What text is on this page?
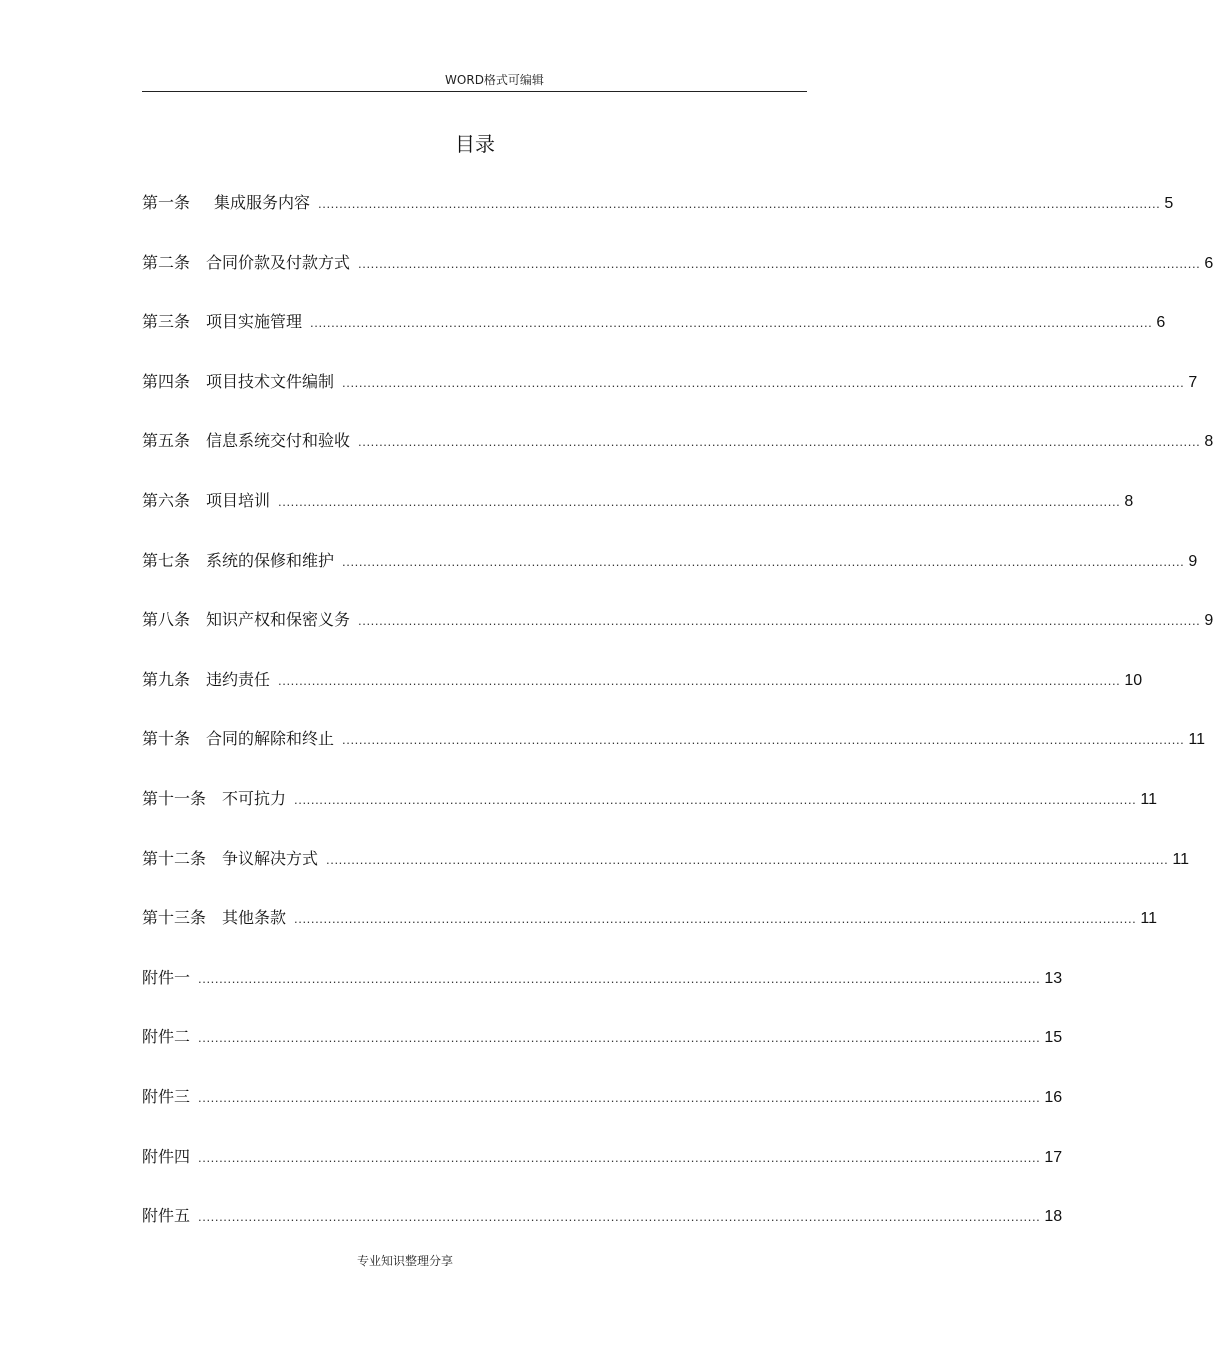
WORD格式可编辑
目录
第一条 集成服务内容 ........................................................................................................................................................................................................ 5
第二条 合同价款及付款方式 ........................................................................................................................................................................................................ 6
第三条 项目实施管理 ........................................................................................................................................................................................................ 6
第四条 项目技术文件编制 ........................................................................................................................................................................................................ 7
第五条 信息系统交付和验收 ........................................................................................................................................................................................................ 8
第六条 项目培训 ........................................................................................................................................................................................................ 8
第七条 系统的保修和维护 ........................................................................................................................................................................................................ 9
第八条 知识产权和保密义务 ........................................................................................................................................................................................................ 9
第九条 违约责任 ........................................................................................................................................................................................................ 10
第十条 合同的解除和终止 ........................................................................................................................................................................................................ 11
第十一条 不可抗力 ........................................................................................................................................................................................................ 11
第十二条 争议解决方式 ........................................................................................................................................................................................................ 11
第十三条 其他条款 ........................................................................................................................................................................................................ 11
附件一 ........................................................................................................................................................................................................ 13
附件二 ........................................................................................................................................................................................................ 15
附件三 ........................................................................................................................................................................................................ 16
附件四 ........................................................................................................................................................................................................ 17
附件五 ........................................................................................................................................................................................................ 18
专业知识整理分享
